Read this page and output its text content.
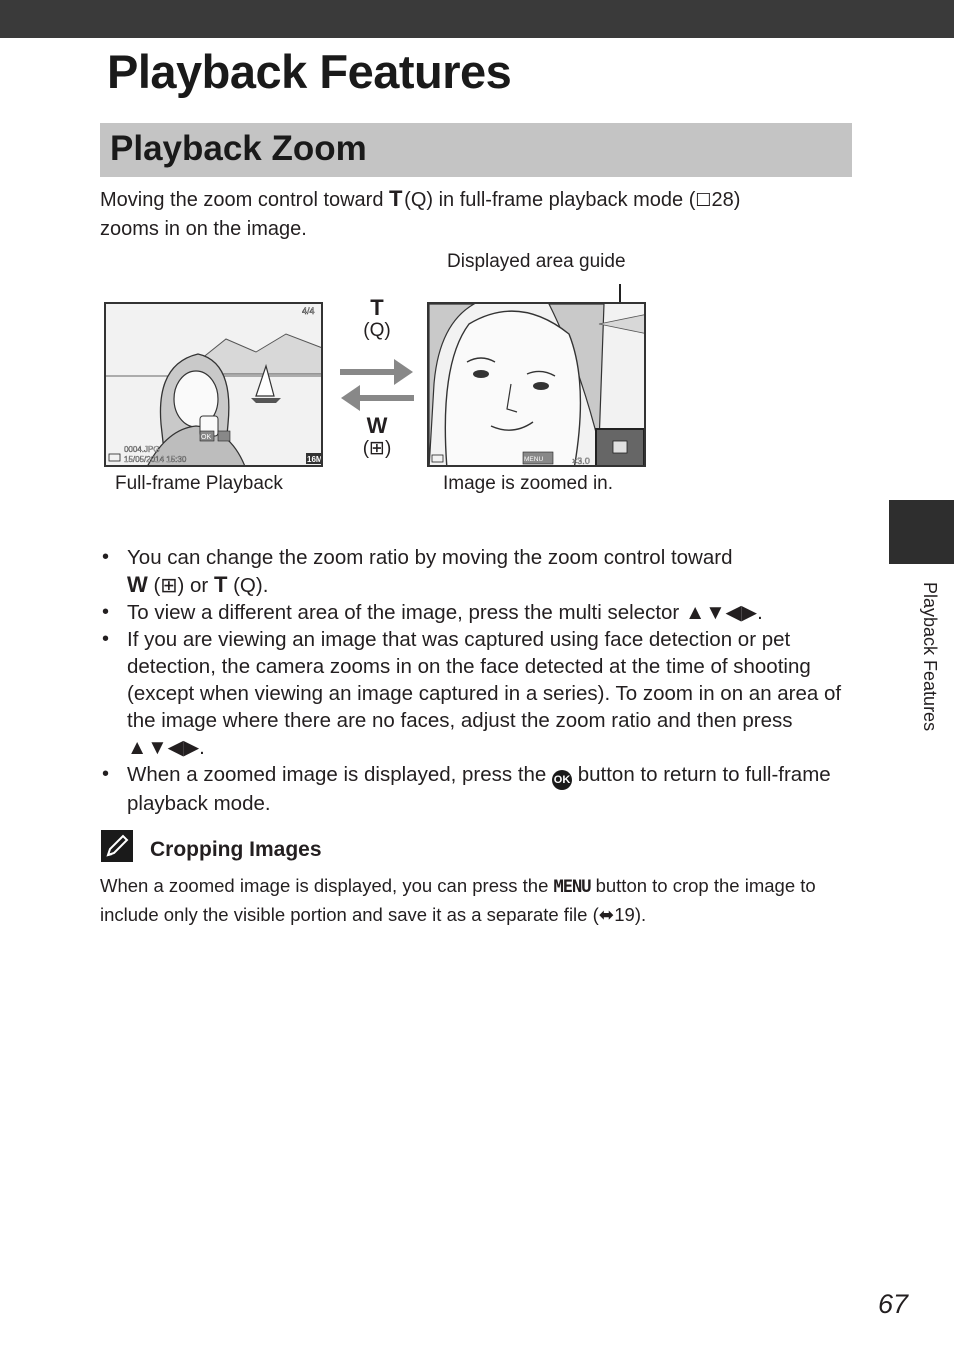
Playback Features
Playback Zoom

Moving the zoom control toward T (Q) in full-frame playback mode (☐28)
zooms in on the image.

Displayed area guide
4/4
OK
0004.JPG
15/05/2014 15:30	16M
T
(Q)
W
(⊞)
MENU	×3.0
Full-frame Playback	Image is zoomed in.
• You can change the zoom ratio by moving the zoom control toward
W (⊞) or T (Q).
• To view a different area of the image, press the multi selector ▲▼◀▶.
• If you are viewing an image that was captured using face detection or pet detection, the camera zooms in on the face detected at the time of shooting (except when viewing an image captured in a series). To zoom in on an area of the image where there are no faces, adjust the zoom ratio and then press ▲▼◀▶.
• When a zoomed image is displayed, press the OK button to return to full-frame playback mode.
Cropping Images

When a zoomed image is displayed, you can press the MENU button to crop the image to include only the visible portion and save it as a separate file (⬌19).

Playback Features
67
